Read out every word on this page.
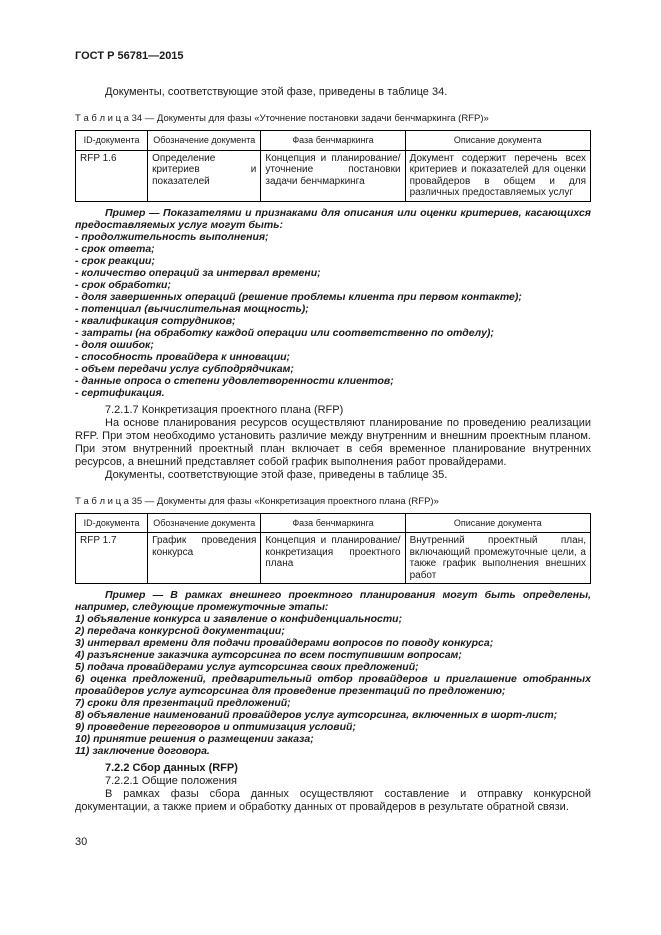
ГОСТ Р 56781—2015

Документы, соответствующие этой фазе, приведены в таблице 34.

Т а б л и ц а 34 — Документы для фазы «Уточнение постановки задачи бенчмаркинга (RFP)»

ID-документа	Обозначение документа	Фаза бенчмаркинга	Описание документа
RFP 1.6	Определение критериев и показателей	Концепция и планирование/ уточнение постановки задачи бенчмаркинга	Документ содержит перечень всех критериев и показателей для оценки провайдеров в общем и для различных предоставляемых услуг

Пример — Показателями и признаками для описания или оценки критериев, касающихся предоставляемых услуг могут быть:

- продолжительность выполнения;

- срок ответа;

- срок реакции;

- количество операций за интервал времени;

- срок обработки;

- доля завершенных операций (решение проблемы клиента при первом контакте);

- потенциал (вычислительная мощность);

- квалификация сотрудников;

- затраты (на обработку каждой операции или соответственно по отделу);

- доля ошибок;

- способность провайдера к инновации;

- объем передачи услуг субподрядчикам;

- данные опроса о степени удовлетворенности клиентов;

- сертификация.

7.2.1.7 Конкретизация проектного плана (RFP)

На основе планирования ресурсов осуществляют планирование по проведению реализации RFP. При этом необходимо установить различие между внутренним и внешним проектным планом. При этом внутренний проектный план включает в себя временное планирование внутренних ресурсов, а внешний представляет собой график выполнения работ провайдерами.

Документы, соответствующие этой фазе, приведены в таблице 35.

Т а б л и ц а 35 — Документы для фазы «Конкретизация проектного плана (RFP)»

ID-документа	Обозначение документа	Фаза бенчмаркинга	Описание документа
RFP 1.7	График проведения конкурса	Концепция и планирование/конкретизация проектного плана	Внутренний проектный план, включающий промежуточные цели, а также график выполнения внешних работ

Пример — В рамках внешнего проектного планирования могут быть определены, например, следующие промежуточные этапы:

1) объявление конкурса и заявление о конфиденциальности;

2) передача конкурсной документации;

3) интервал времени для подачи провайдерами вопросов по поводу конкурса;

4) разъяснение заказчика аутсорсинга по всем поступившим вопросам;

5) подача провайдерами услуг аутсорсинга своих предложений;

6) оценка предложений, предварительный отбор провайдеров и приглашение отобранных провайдеров услуг аутсорсинга для проведение презентаций по предложению;

7) сроки для презентаций предложений;

8) объявление наименований провайдеров услуг аутсорсинга, включенных в шорт-лист;

9) проведение переговоров и оптимизация условий;

10) принятие решения о размещении заказа;

11) заключение договора.

7.2.2 Сбор данных (RFP)

7.2.2.1 Общие положения

В рамках фазы сбора данных осуществляют составление и отправку конкурсной документации, а также прием и обработку данных от провайдеров в результате обратной связи.

30
